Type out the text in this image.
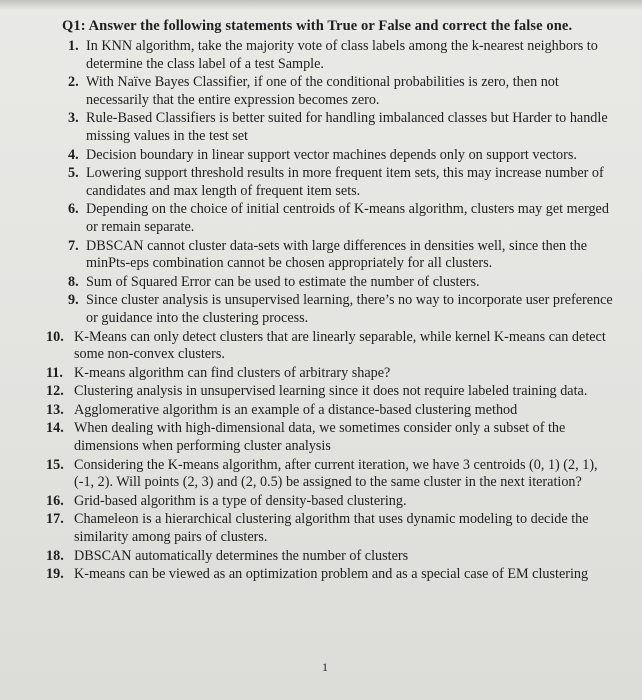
Q1: Answer the following statements with True or False and correct the false one.
1. In KNN algorithm, take the majority vote of class labels among the k-nearest neighbors to determine the class label of a test Sample.
2. With Naïve Bayes Classifier, if one of the conditional probabilities is zero, then not necessarily that the entire expression becomes zero.
3. Rule-Based Classifiers is better suited for handling imbalanced classes but Harder to handle missing values in the test set
4. Decision boundary in linear support vector machines depends only on support vectors.
5. Lowering support threshold results in more frequent item sets, this may increase number of candidates and max length of frequent item sets.
6. Depending on the choice of initial centroids of K-means algorithm, clusters may get merged or remain separate.
7. DBSCAN cannot cluster data-sets with large differences in densities well, since then the minPts-eps combination cannot be chosen appropriately for all clusters.
8. Sum of Squared Error can be used to estimate the number of clusters.
9. Since cluster analysis is unsupervised learning, there’s no way to incorporate user preference or guidance into the clustering process.
10. K-Means can only detect clusters that are linearly separable, while kernel K-means can detect some non-convex clusters.
11. K-means algorithm can find clusters of arbitrary shape?
12. Clustering analysis in unsupervised learning since it does not require labeled training data.
13. Agglomerative algorithm is an example of a distance-based clustering method
14. When dealing with high-dimensional data, we sometimes consider only a subset of the dimensions when performing cluster analysis
15. Considering the K-means algorithm, after current iteration, we have 3 centroids (0, 1) (2, 1), (-1, 2). Will points (2, 3) and (2, 0.5) be assigned to the same cluster in the next iteration?
16. Grid-based algorithm is a type of density-based clustering.
17. Chameleon is a hierarchical clustering algorithm that uses dynamic modeling to decide the similarity among pairs of clusters.
18. DBSCAN automatically determines the number of clusters
19. K-means can be viewed as an optimization problem and as a special case of EM clustering
1
